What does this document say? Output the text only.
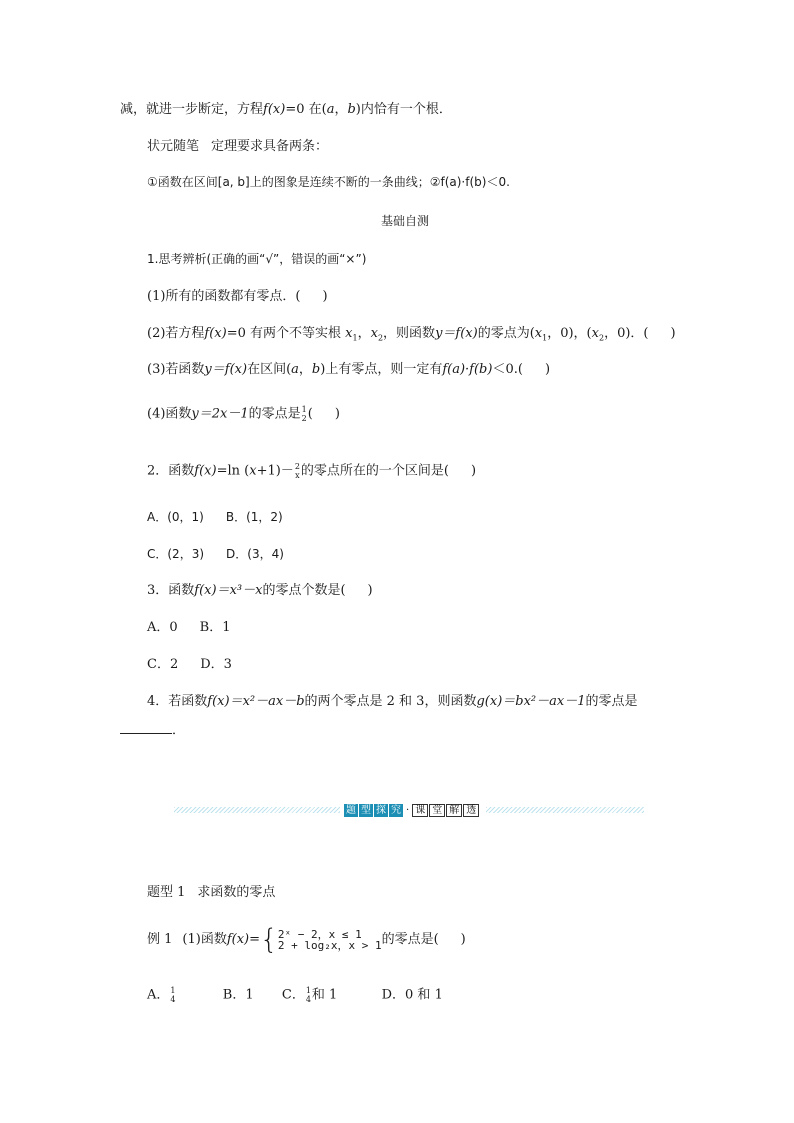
减，就进一步断定，方程f(x)=0 在(a，b)内恰有一个根．
状元随笔 定理要求具备两条：
①函数在区间[a, b]上的图象是连续不断的一条曲线；②f(a)·f(b)＜0.
基础自测
1.思考辨析(正确的画“√”，错误的画“×”)
(1)所有的函数都有零点．( )
(2)若方程f(x)=0 有两个不等实根 $x_1$，$x_2$，则函数y＝f(x)的零点为($x_1$，0)，($x_2$，0)．( )
(3)若函数y＝f(x)在区间(a，b)上有零点，则一定有f(a)·f(b)＜0.( )
(4)函数y＝2x－1的零点是 1
2 ( )
2．函数f(x)=ln (x+1)－ 2
x 的零点所在的一个区间是( )
A．(0，1) B．(1，2)
C．(2，3) D．(3，4)
3．函数f(x)＝x³－x的零点个数是( )
A．0 B．1
C．2 D．3
4．若函数f(x)＝x²－ax－b的两个零点是 2 和 3，则函数g(x)＝bx²－ax－1的零点是
．
题 型 探 究 · 课 堂 解 透
题型 1 求函数的零点
例 1 (1)函数f(x)={ 2ˣ − 2，x ≤ 1
2 + log₂x，x > 1 的零点是( )
A． 1
4	B．1 C． 1
4 和 1	D．0 和 1
